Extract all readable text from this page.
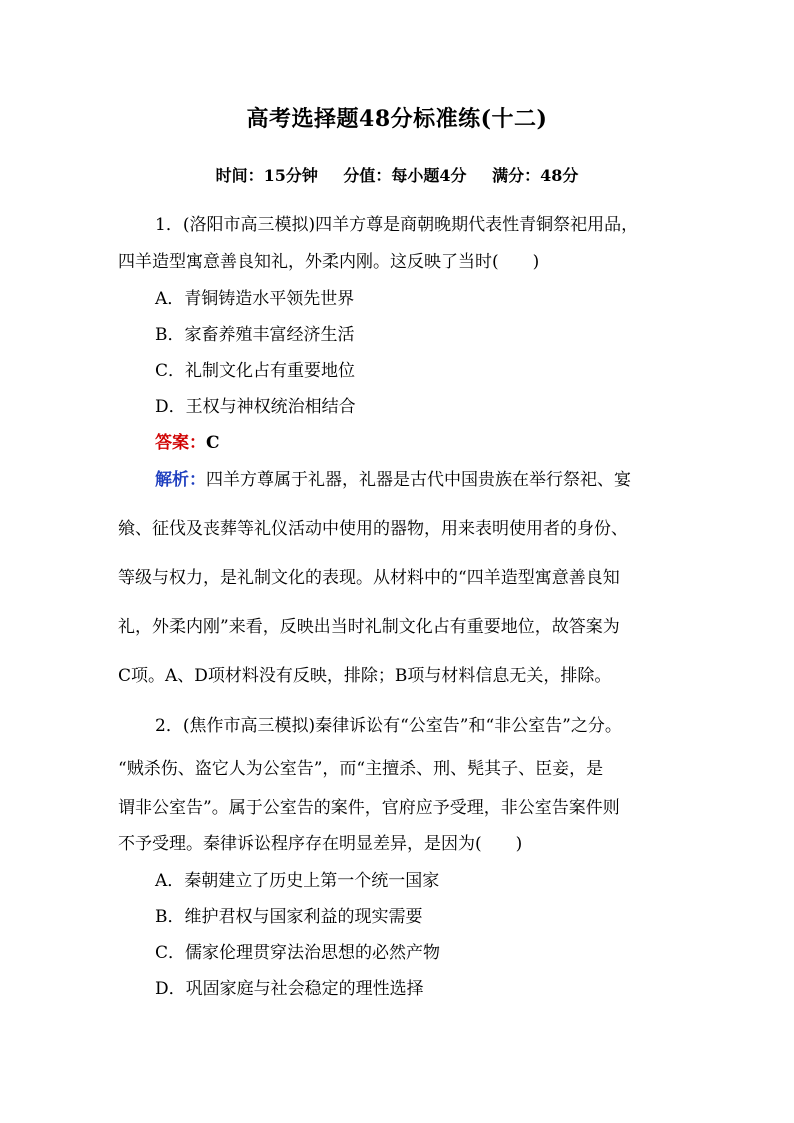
高考选择题48分标准练(十二)
时间：15分钟 分值：每小题4分 满分：48分
1．(洛阳市高三模拟)四羊方尊是商朝晚期代表性青铜祭祀用品，
四羊造型寓意善良知礼，外柔内刚。这反映了当时(　　)
A．青铜铸造水平领先世界
B．家畜养殖丰富经济生活
C．礼制文化占有重要地位
D．王权与神权统治相结合
答案：C
解析：四羊方尊属于礼器，礼器是古代中国贵族在举行祭祀、宴
飨、征伐及丧葬等礼仪活动中使用的器物，用来表明使用者的身份、
等级与权力，是礼制文化的表现。从材料中的“四羊造型寓意善良知
礼，外柔内刚”来看，反映出当时礼制文化占有重要地位，故答案为
C项。A、D项材料没有反映，排除；B项与材料信息无关，排除。
2．(焦作市高三模拟)秦律诉讼有“公室告”和“非公室告”之分。
“贼杀伤、盗它人为公室告”，而“主擅杀、刑、髡其子、臣妾，是
谓非公室告”。属于公室告的案件，官府应予受理，非公室告案件则
不予受理。秦律诉讼程序存在明显差异，是因为(　　)
A．秦朝建立了历史上第一个统一国家
B．维护君权与国家利益的现实需要
C．儒家伦理贯穿法治思想的必然产物
D．巩固家庭与社会稳定的理性选择
